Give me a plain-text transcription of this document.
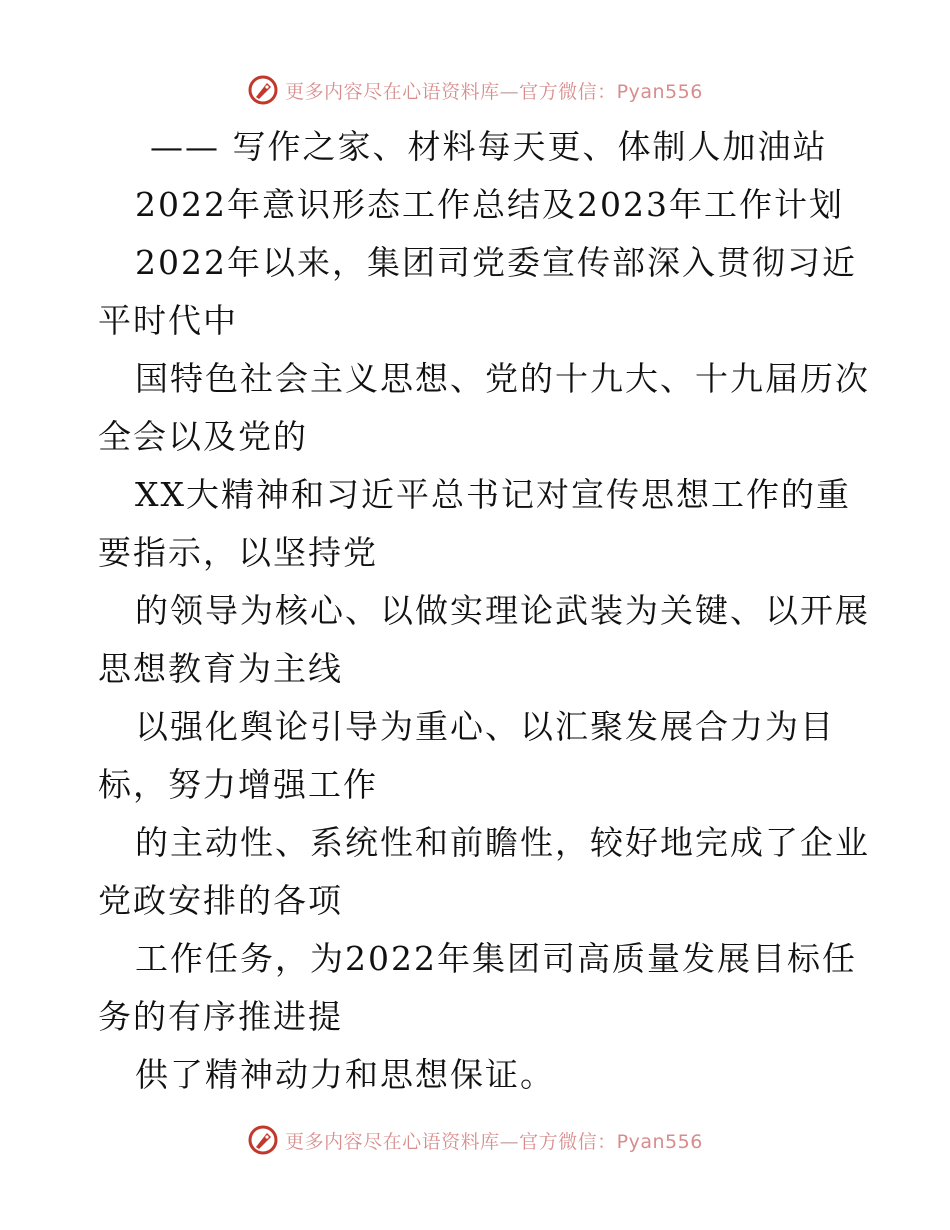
更多内容尽在心语资料库—官方微信：Pyan556
—— 写作之家、材料每天更、体制人加油站
2022年意识形态工作总结及2023年工作计划
2022年以来，集团司党委宣传部深入贯彻习近
平时代中
国特色社会主义思想、党的十九大、十九届历次
全会以及党的
XX大精神和习近平总书记对宣传思想工作的重
要指示，以坚持党
的领导为核心、以做实理论武装为关键、以开展
思想教育为主线
以强化舆论引导为重心、以汇聚发展合力为目
标，努力增强工作
的主动性、系统性和前瞻性，较好地完成了企业
党政安排的各项
工作任务，为2022年集团司高质量发展目标任
务的有序推进提
供了精神动力和思想保证。
更多内容尽在心语资料库—官方微信：Pyan556
